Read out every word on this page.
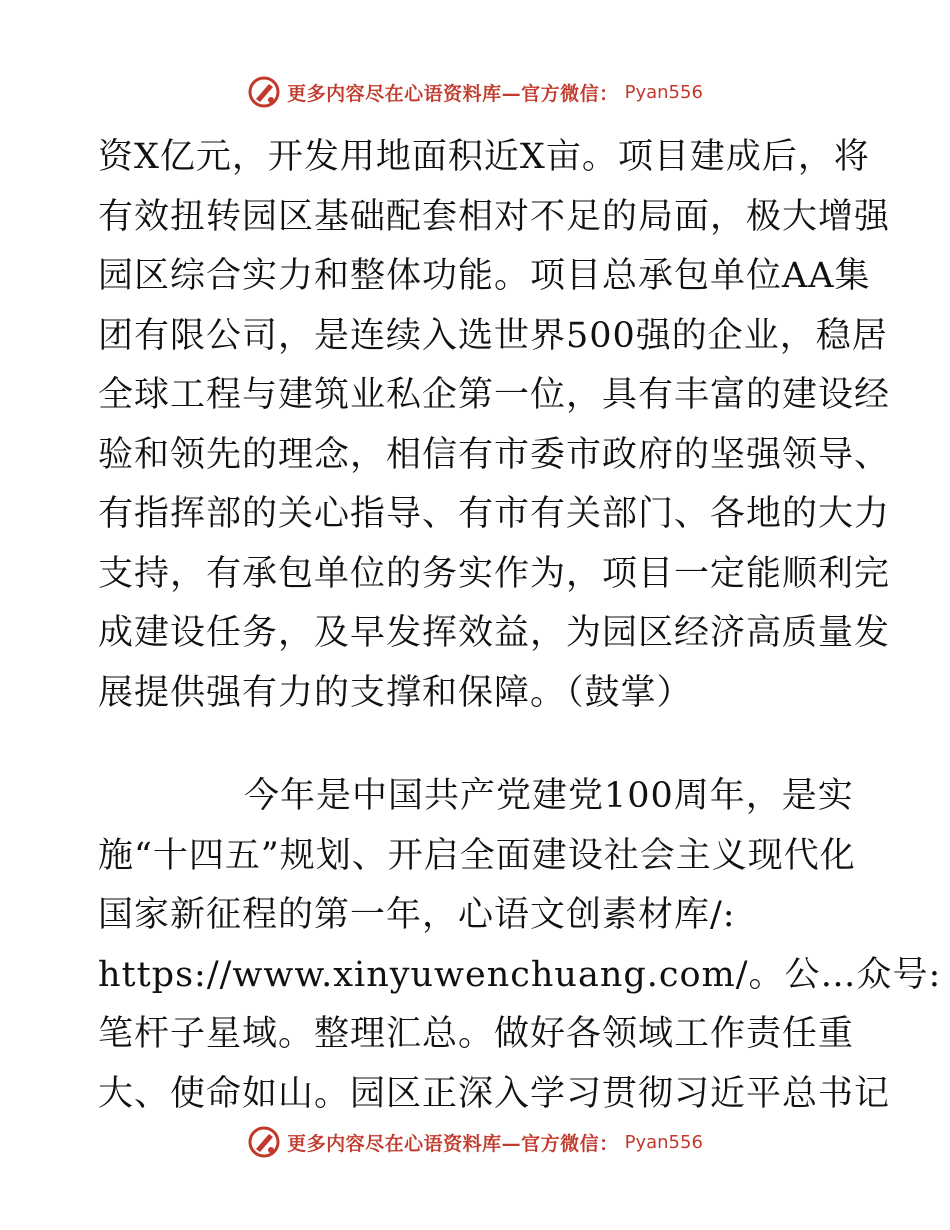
更多内容尽在心语资料库—官方微信： Pyan556
资X亿元，开发用地面积近X亩。项目建成后，将
有效扭转园区基础配套相对不足的局面，极大增强
园区综合实力和整体功能。项目总承包单位AA集
团有限公司，是连续入选世界500强的企业，稳居
全球工程与建筑业私企第一位，具有丰富的建设经
验和领先的理念，相信有市委市政府的坚强领导、
有指挥部的关心指导、有市有关部门、各地的大力
支持，有承包单位的务实作为，项目一定能顺利完
成建设任务，及早发挥效益，为园区经济高质量发
展提供强有力的支撑和保障。（鼓掌）
今年是中国共产党建党100周年，是实
施“十四五”规划、开启全面建设社会主义现代化
国家新征程的第一年，心语文创素材库/:
https://www.xinyuwenchuang.com/。公…众号:
笔杆子星域。整理汇总。做好各领域工作责任重
大、使命如山。园区正深入学习贯彻习近平总书记
更多内容尽在心语资料库—官方微信： Pyan556
